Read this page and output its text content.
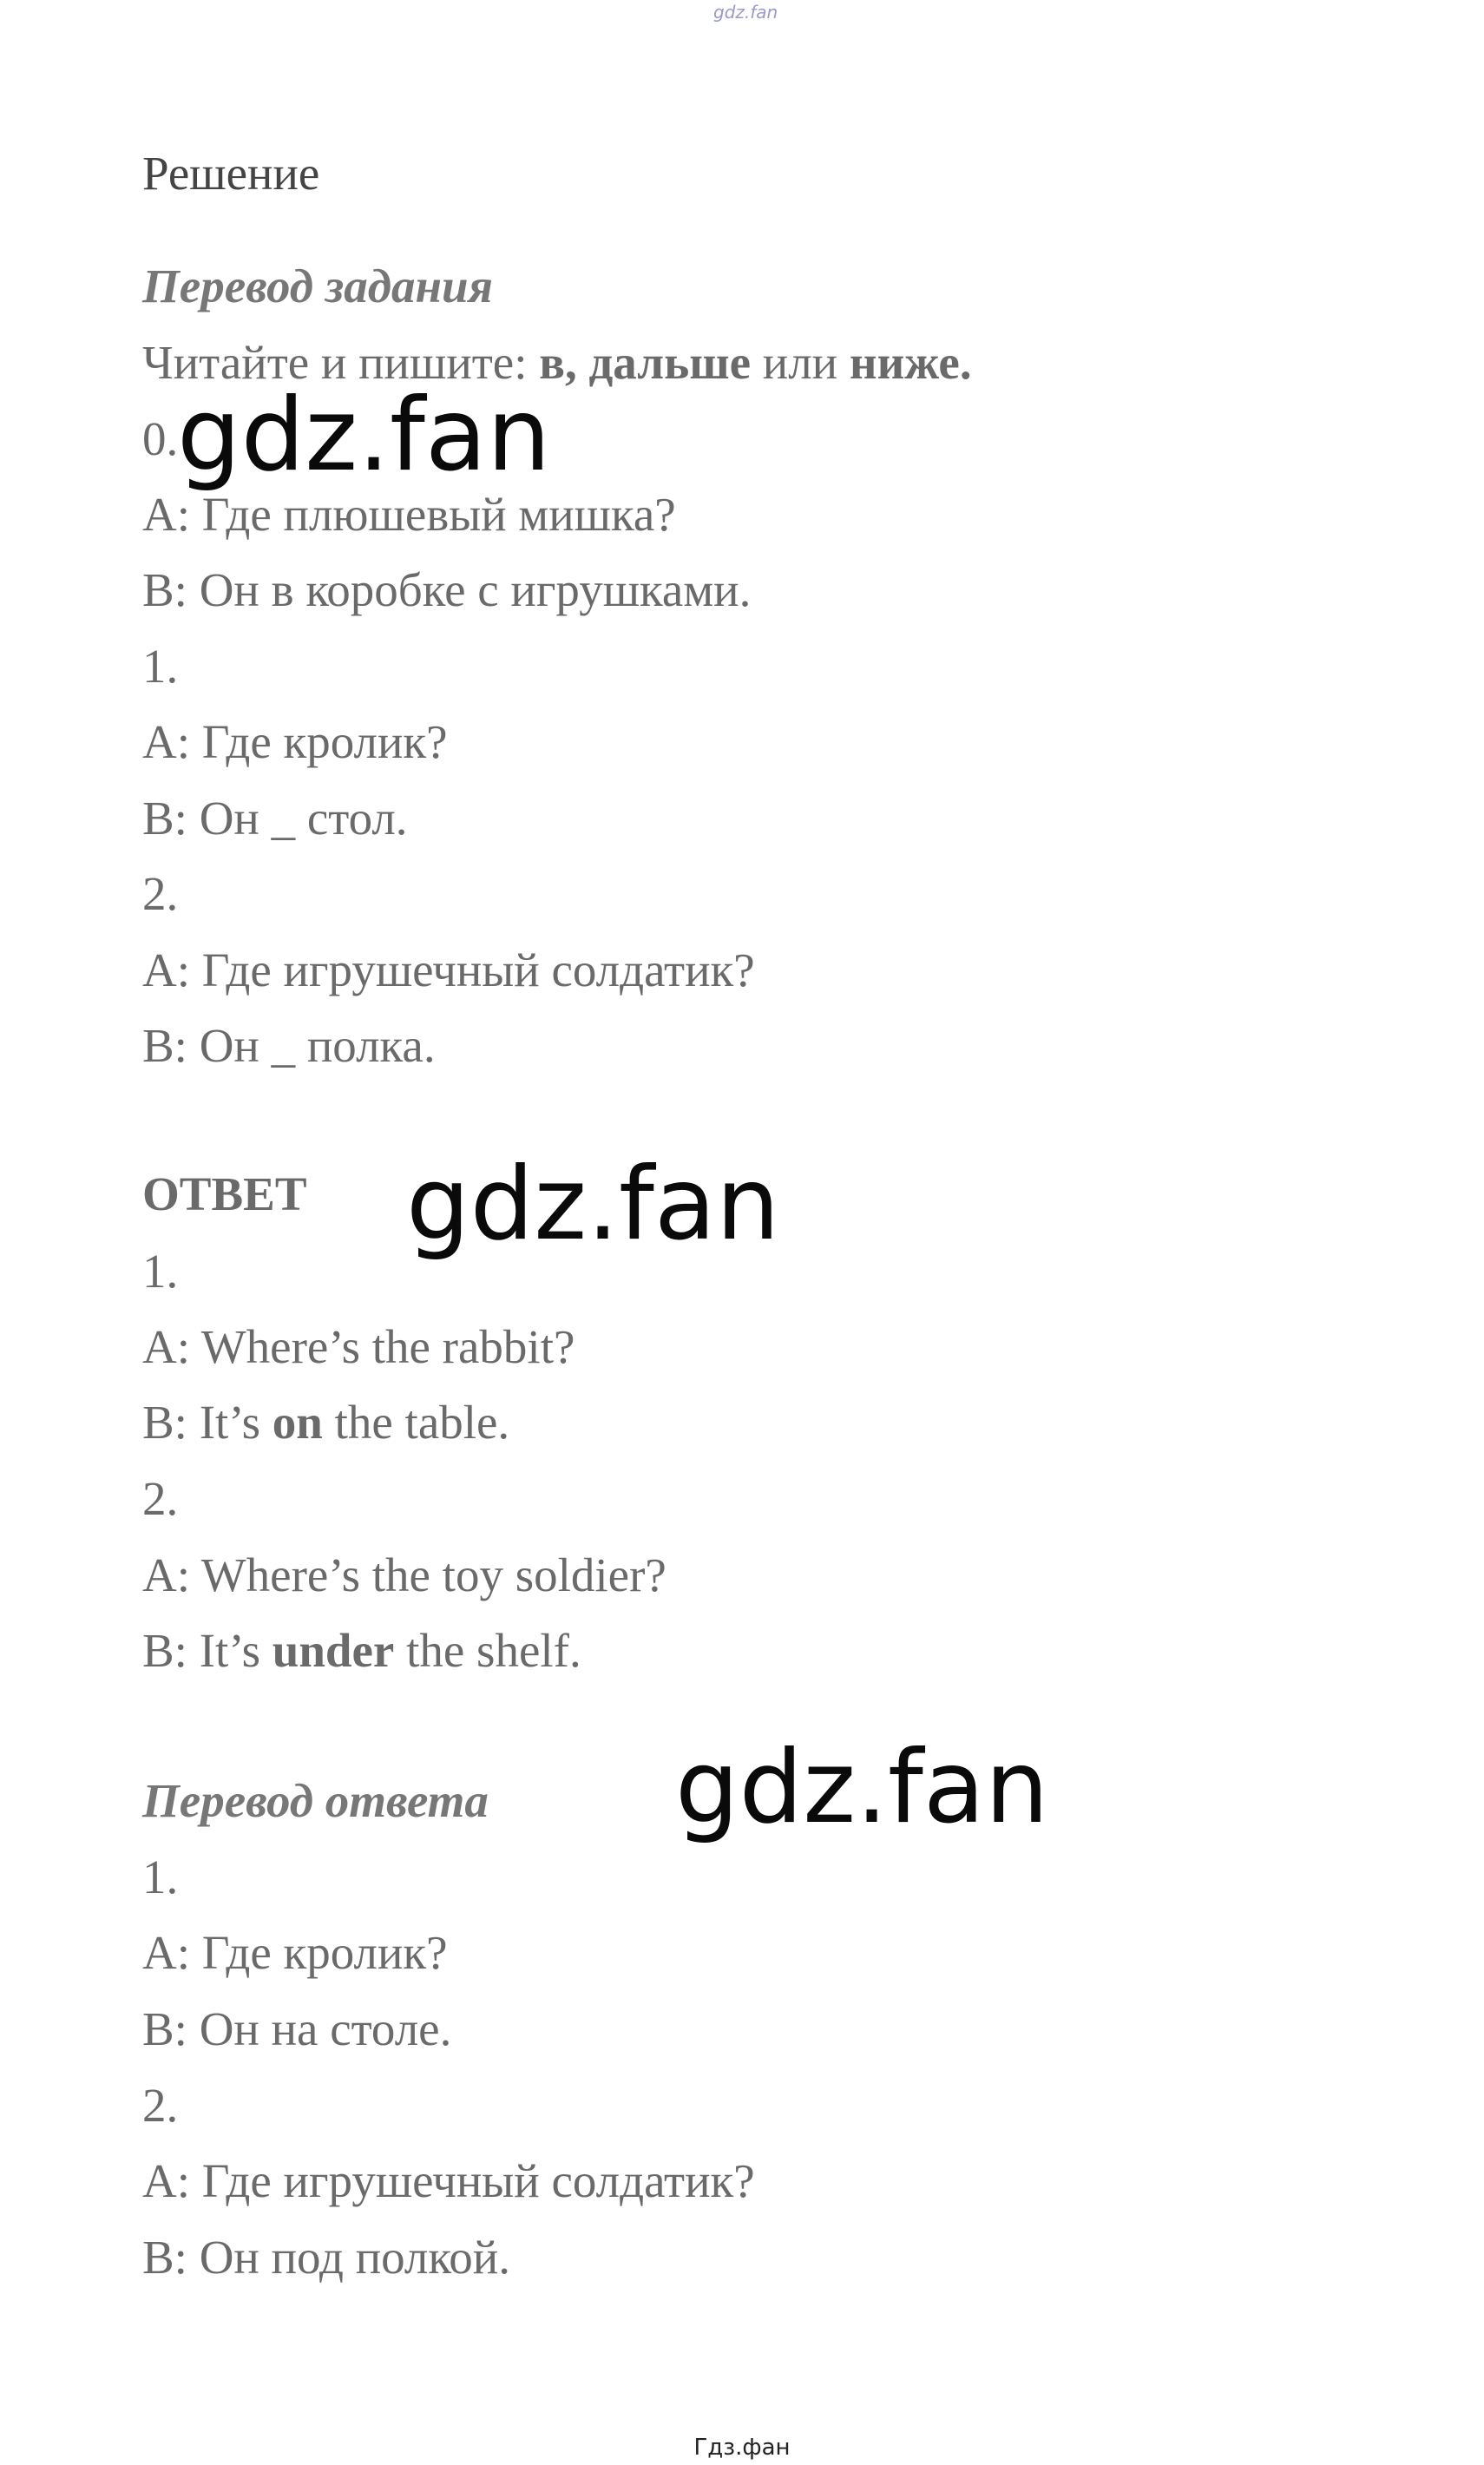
gdz.fan
Решение
Перевод задания
Читайте и пишите: в, дальше или ниже.
0.
A: Где плюшевый мишка?
B: Он в коробке с игрушками.
1.
A: Где кролик?
B: Он _ стол.
2.
A: Где игрушечный солдатик?
B: Он _ полка.
ОТВЕТ
1.
A: Where’s the rabbit?
B: It’s on the table.
2.
A: Where’s the toy soldier?
B: It’s under the shelf.
Перевод ответа
1.
A: Где кролик?
B: Он на столе.
2.
A: Где игрушечный солдатик?
B: Он под полкой.
gdz.fan
gdz.fan
gdz.fan
Гдз.фан
